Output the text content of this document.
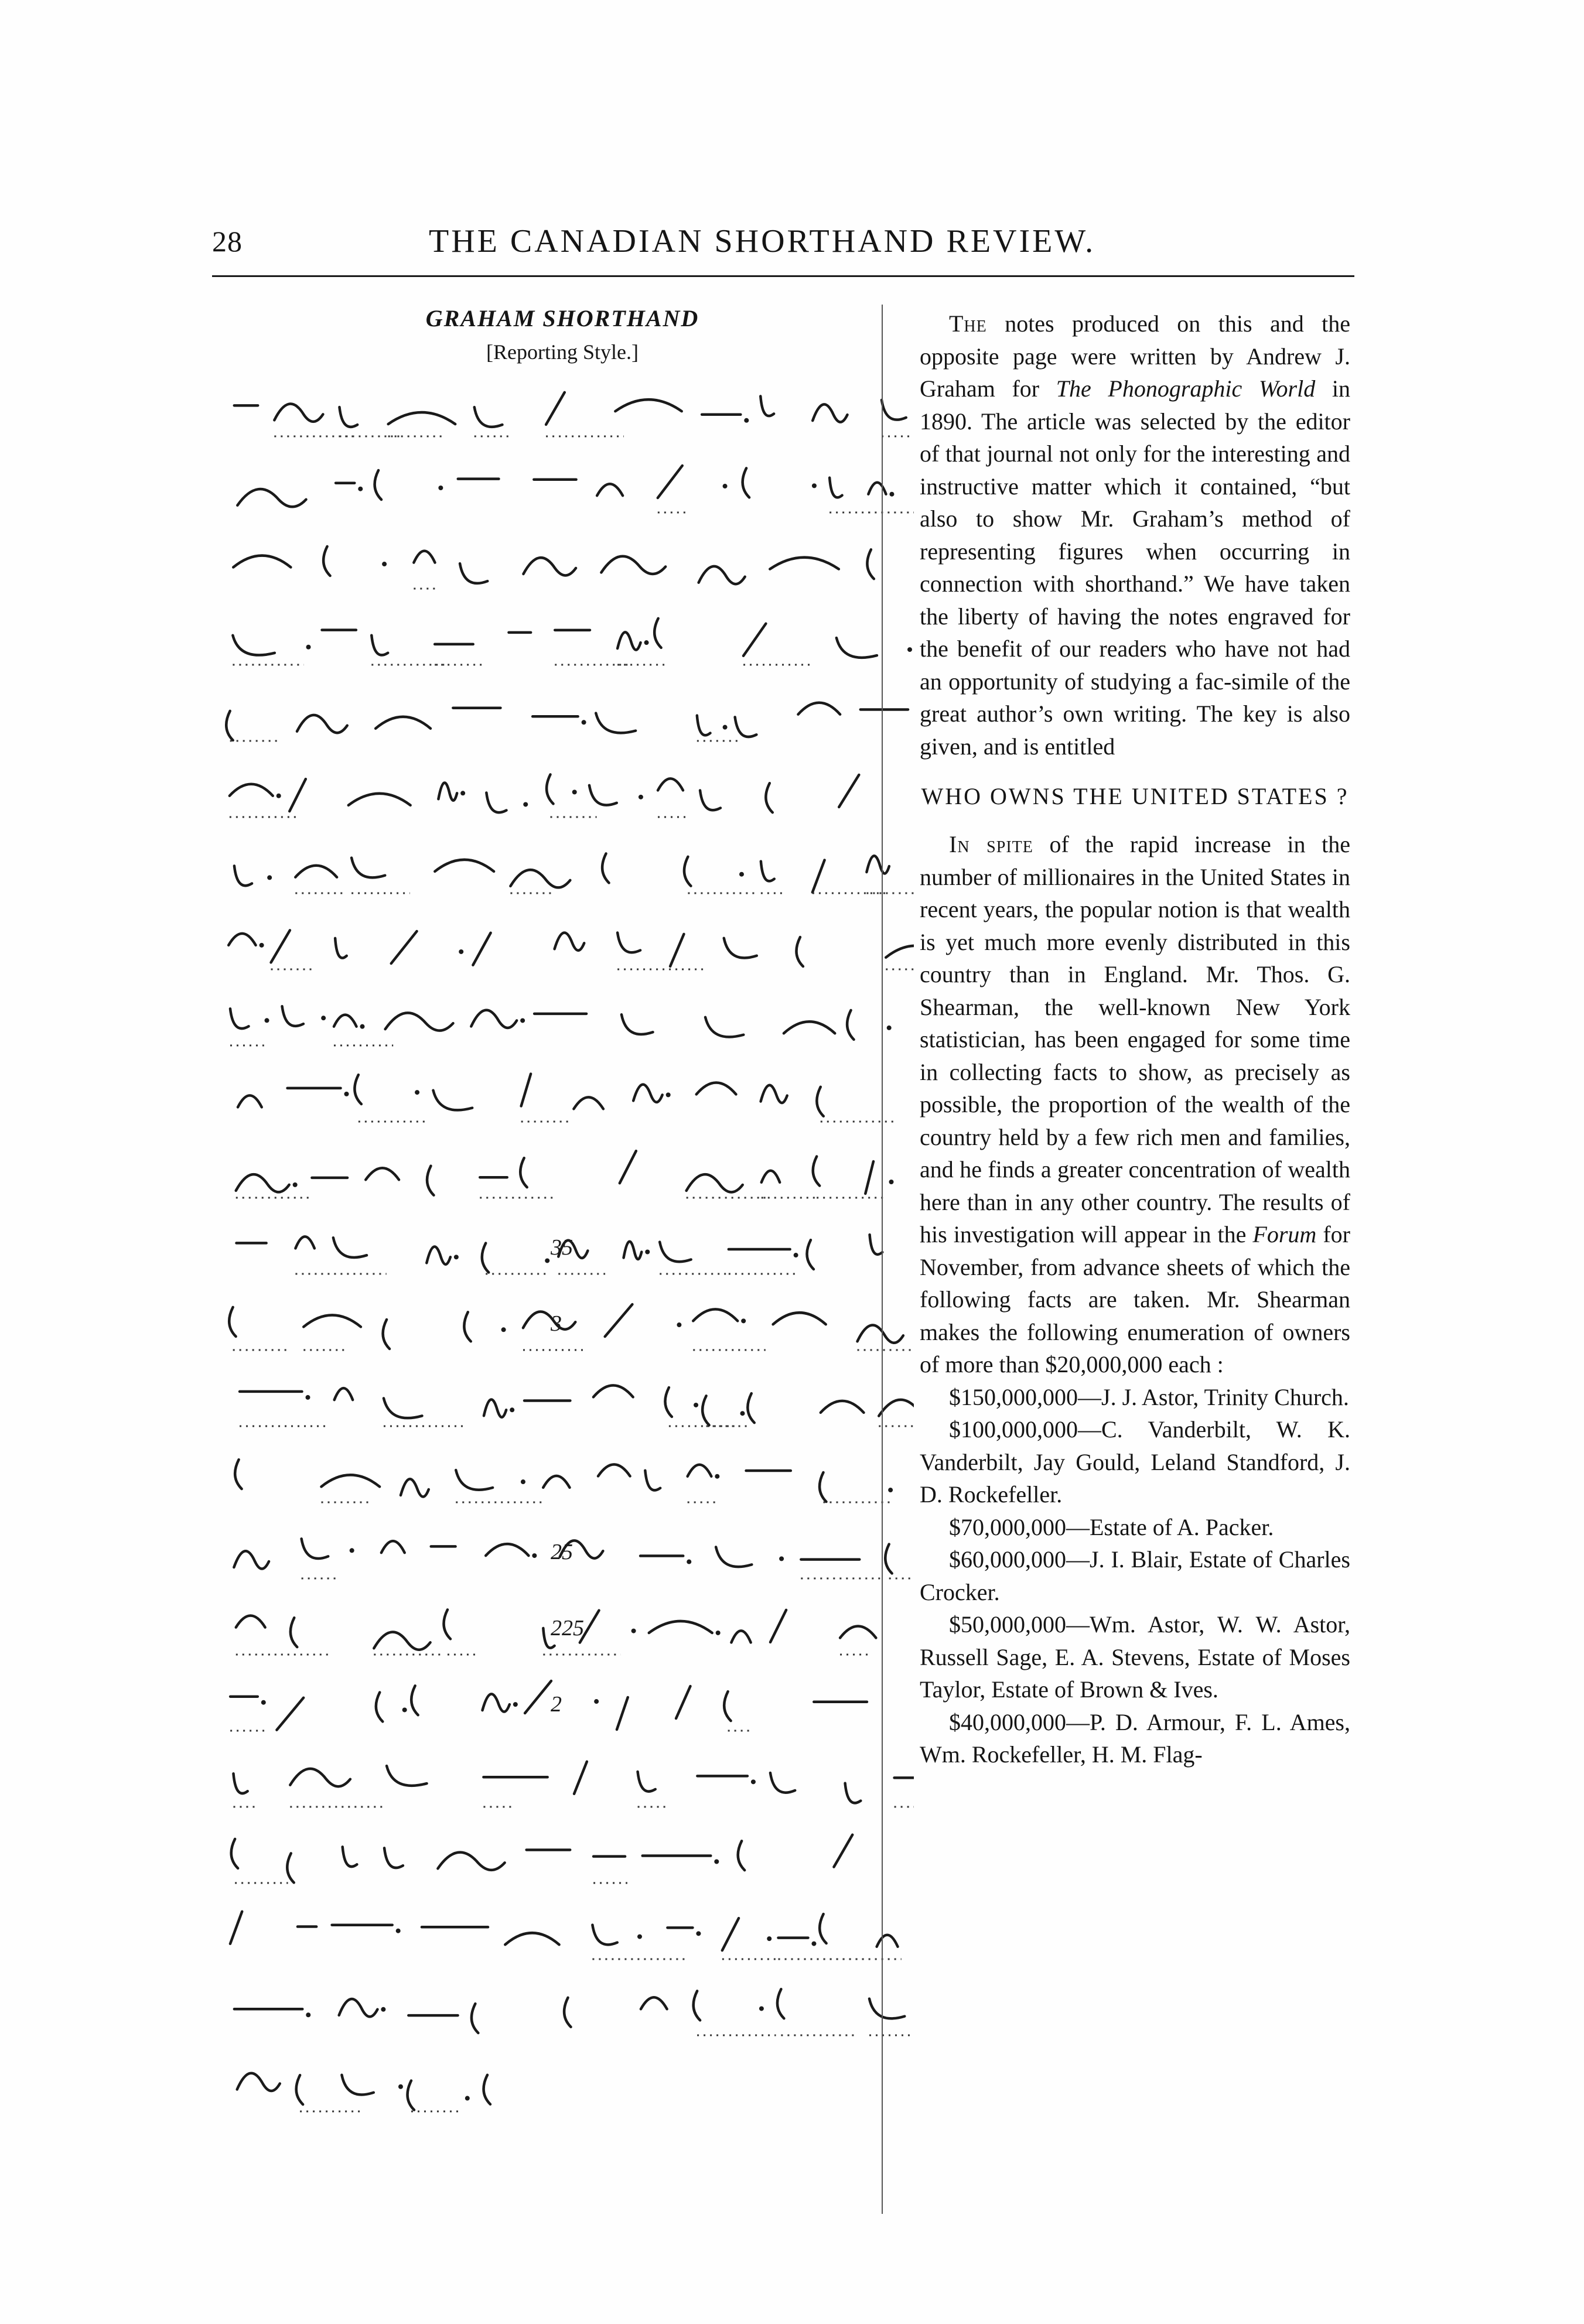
28	THE CANADIAN SHORTHAND REVIEW.
GRAHAM SHORTHAND
[Reporting Style.]
35
3
25
225
2

The notes produced on this and the opposite page were written by Andrew J. Graham for The Phonographic World in 1890. The article was selected by the editor of that journal not only for the interesting and instructive matter which it contained, “but also to show Mr. Graham’s method of representing figures when occurring in connection with shorthand.” We have taken the liberty of having the notes engraved for the benefit of our readers who have not had an opportunity of studying a fac-simile of the great author’s own writing. The key is also given, and is entitled

WHO OWNS THE UNITED STATES ?

In spite of the rapid increase in the number of millionaires in the United States in recent years, the popular notion is that wealth is yet much more evenly distributed in this country than in England. Mr. Thos. G. Shearman, the well-known New York statistician, has been engaged for some time in collecting facts to show, as precisely as possible, the proportion of the wealth of the country held by a few rich men and families, and he finds a greater concentration of wealth here than in any other country. The results of his investigation will appear in the Forum for November, from advance sheets of which the following facts are taken. Mr. Shearman makes the following enumeration of owners of more than $20,000,000 each :

$150,000,000—J. J. Astor, Trinity Church.

$100,000,000—C. Vanderbilt, W. K. Vanderbilt, Jay Gould, Leland Standford, J. D. Rockefeller.

$70,000,000—Estate of A. Packer.

$60,000,000—J. I. Blair, Estate of Charles Crocker.

$50,000,000—Wm. Astor, W. W. Astor, Russell Sage, E. A. Stevens, Estate of Moses Taylor, Estate of Brown & Ives.

$40,000,000—P. D. Armour, F. L. Ames, Wm. Rockefeller, H. M. Flag-
